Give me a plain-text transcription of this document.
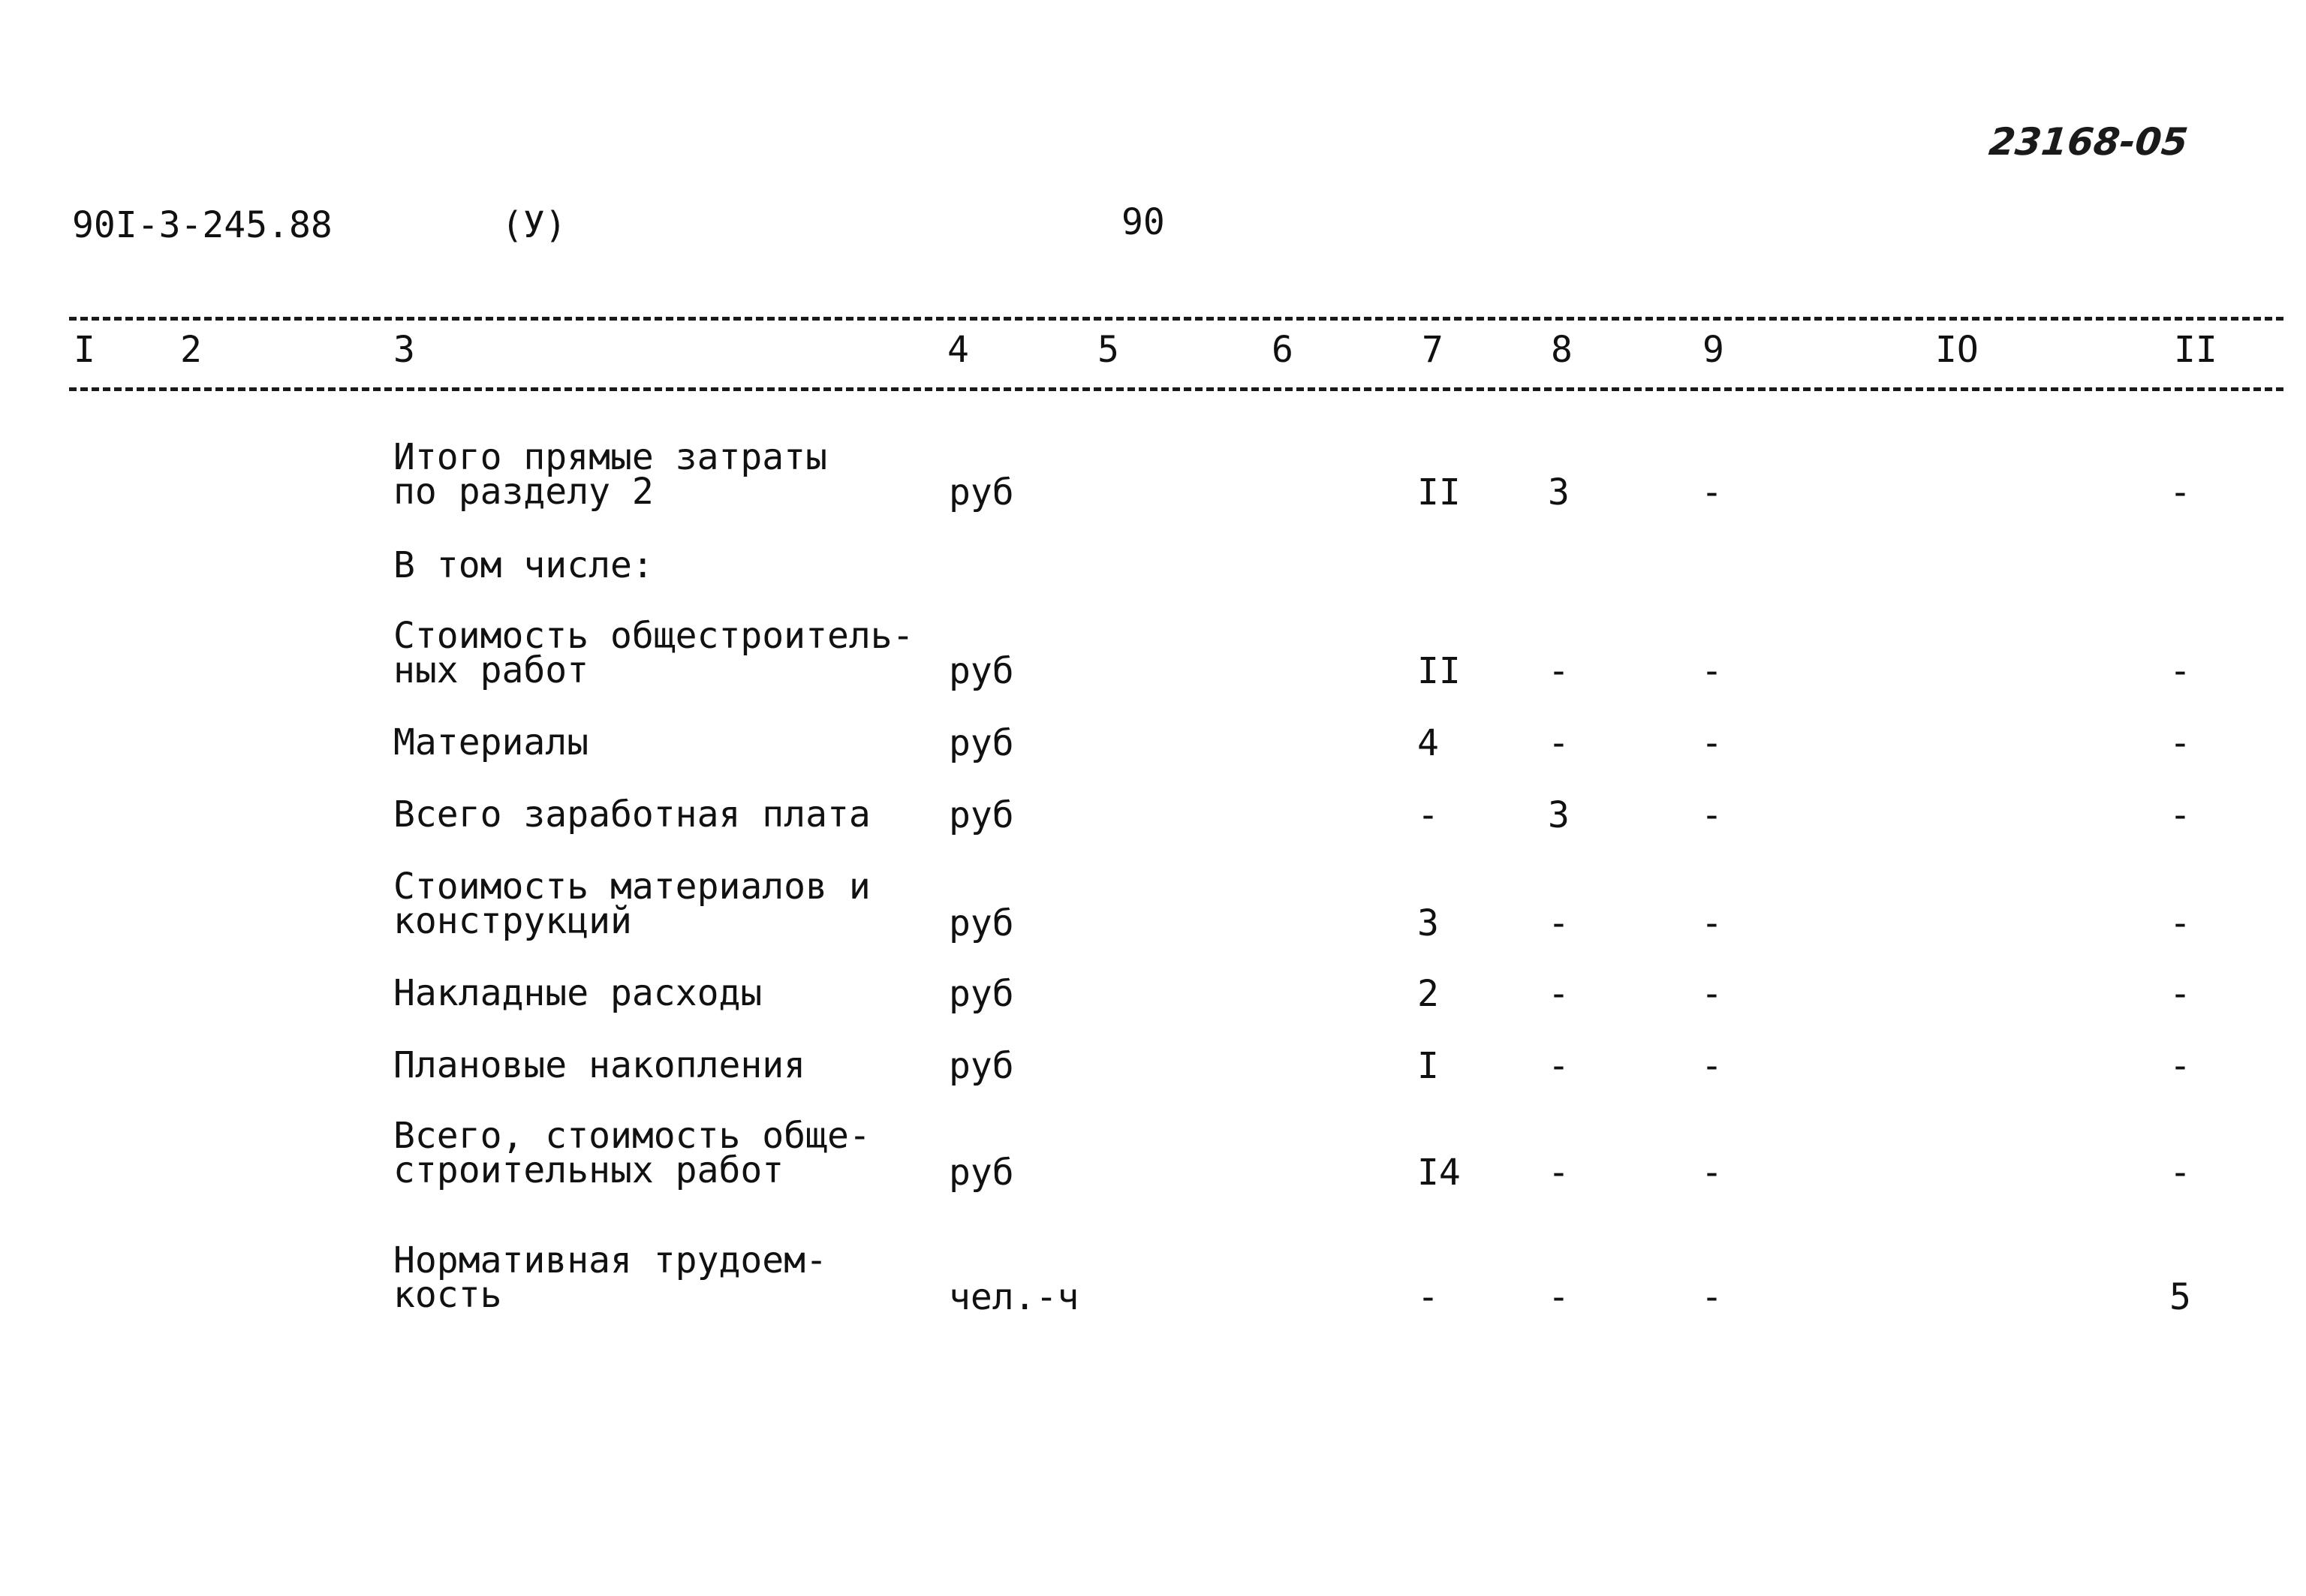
23168-05
90I-3-245.88	(У)	90
I 2	3	4	5	6	7	8	9	IO	II
Итого прямые затраты
по разделу 2	руб	II 3	-	-
В том числе:
Стоимость общестроитель-
ных работ	руб	II -	-	-
Материалы	руб	4	-	-	-
Всего заработная плата руб	-	3	-	-
Стоимость материалов и
конструкций	руб	3	-	-	-
Накладные расходы	руб	2	-	-	-
Плановые накопления	руб	I	-	-	-
Всего, стоимость обще-
строительных работ	руб	I4 -	-	-
Нормативная трудоем-
кость	чел.-ч	-	-	-	5
